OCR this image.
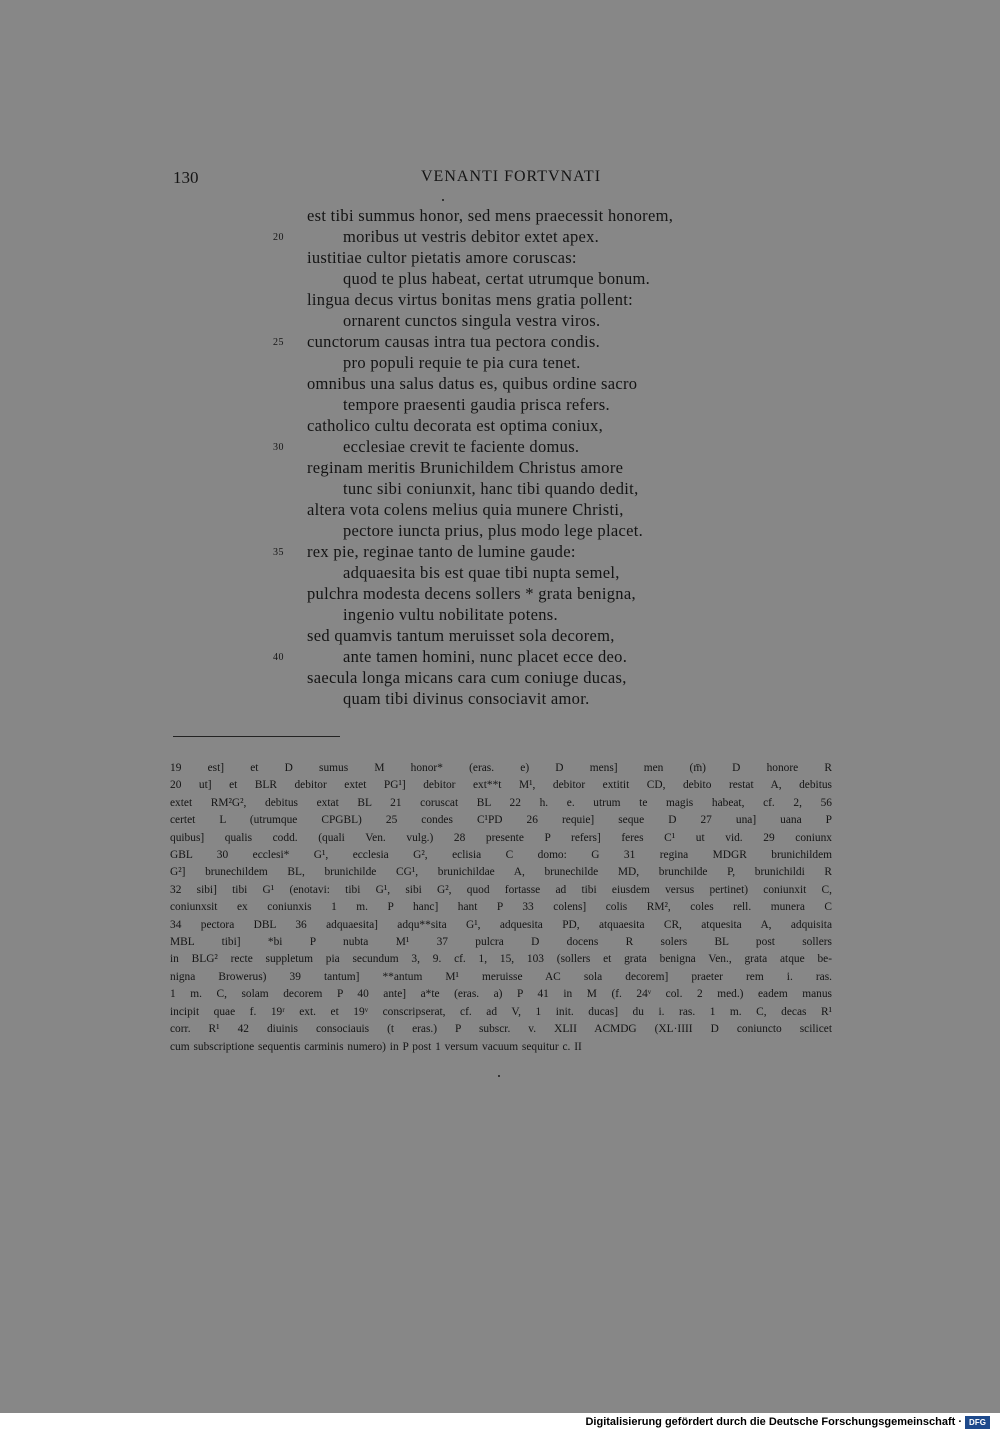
130	VENANTI FORTVNATI
est tibi summus honor, sed mens praecessit honorem,
20	moribus ut vestris debitor extet apex.
iustitiae cultor pietatis amore coruscas:
quod te plus habeat, certat utrumque bonum.
lingua decus virtus bonitas mens gratia pollent:
ornarent cunctos singula vestra viros.
25 cunctorum causas intra tua pectora condis.
pro populi requie te pia cura tenet.
omnibus una salus datus es, quibus ordine sacro
tempore praesenti gaudia prisca refers.
catholico cultu decorata est optima coniux,
30	ecclesiae crevit te faciente domus.
reginam meritis Brunichildem Christus amore
tunc sibi coniunxit, hanc tibi quando dedit,
altera vota colens melius quia munere Christi,
pectore iuncta prius, plus modo lege placet.
35 rex pie, reginae tanto de lumine gaude:
adquaesita bis est quae tibi nupta semel,
pulchra modesta decens sollers * grata benigna,
ingenio vultu nobilitate potens.
sed quamvis tantum meruisset sola decorem,
40	ante tamen homini, nunc placet ecce deo.
saecula longa micans cara cum coniuge ducas,
quam tibi divinus consociavit amor.
19 est] et D sumus M honor* (eras. e) D mens] men (m̄) D honore R
20 ut] et BLR debitor extet PG¹] debitor ext**t M¹, debitor extitit CD, debito restat A, debitus
extet RM²G², debitus extat BL 21 coruscat BL 22 h. e. utrum te magis habeat, cf. 2, 56
certet L (utrumque CPGBL) 25 condes C¹PD 26 requie] seque D 27 una] uana P
quibus] qualis codd. (quali Ven. vulg.) 28 presente P refers] feres C¹ ut vid. 29 coniunx
GBL 30 ecclesi* G¹, ecclesia G², eclisia C domo: G 31 regina MDGR brunichildem
G²] brunechildem BL, brunichilde CG¹, brunichildae A, brunechilde MD, brunchilde P, brunichildi R
32 sibi] tibi G¹ (enotavi: tibi G¹, sibi G², quod fortasse ad tibi eiusdem versus pertinet) coniunxit C,
coniunxsit ex coniunxis 1 m. P hanc] hant P 33 colens] colis RM², coles rell. munera C
34 pectora DBL 36 adquaesita] adqu**sita G¹, adquesita PD, atquaesita CR, atquesita A, adquisita
MBL tibi] *bi P nubta M¹ 37 pulcra D docens R solers BL post sollers
in BLG² recte suppletum pia secundum 3, 9. cf. 1, 15, 103 (sollers et grata benigna Ven., grata atque be-
nigna Browerus) 39 tantum] **antum M¹ meruisse AC sola decorem] praeter rem i. ras.
1 m. C, solam decorem P 40 ante] a*te (eras. a) P 41 in M (f. 24ᵛ col. 2 med.) eadem manus
incipit quae f. 19ʳ ext. et 19ᵛ conscripserat, cf. ad V, 1 init. ducas] du i. ras. 1 m. C, decas R¹
corr. R¹ 42 diuinis consociauis (t eras.) P subscr. v. XLII ACMDG (XL·IIII D coniuncto scilicet
cum subscriptione sequentis carminis numero) in P post 1 versum vacuum sequitur c. II
Digitalisierung gefördert durch die Deutsche Forschungsgemeinschaft · DFG
